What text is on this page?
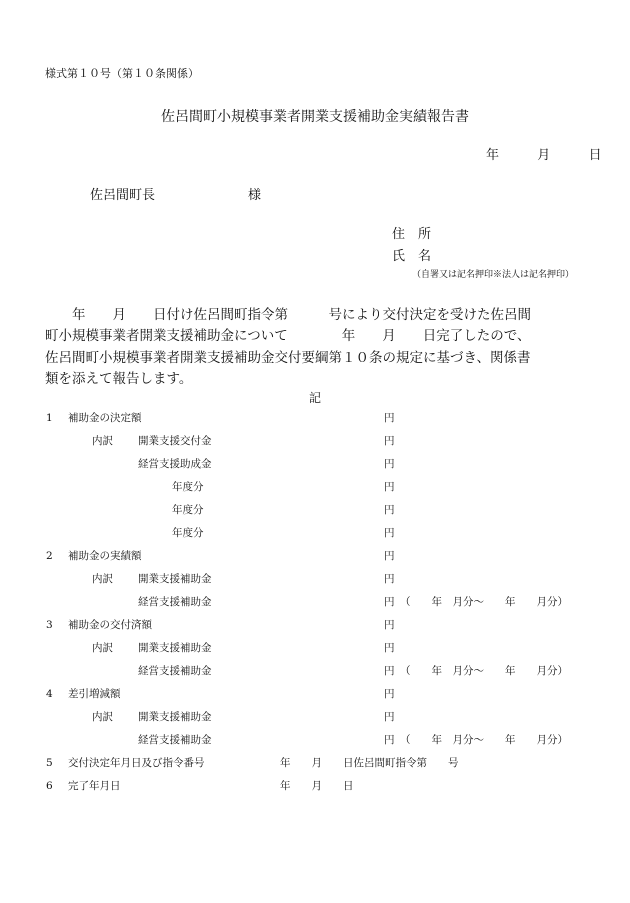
様式第１０号（第１０条関係）
佐呂間町小規模事業者開業支援補助金実績報告書
年	月	日
佐呂間町長	様
住　所
氏　名
（自署又は記名押印※法人は記名押印）
　　年　　月　　日付け佐呂間町指令第　　　号により交付決定を受けた佐呂間
町小規模事業者開業支援補助金について　　　　年　　月　　日完了したので、
佐呂間町小規模事業者開業支援補助金交付要綱第１０条の規定に基づき、関係書
類を添えて報告します。
記
1 補助金の決定額	円
内訳 開業支援交付金	円
経営支援助成金	円
年度分	円
年度分	円
年度分	円
2 補助金の実績額	円
内訳 開業支援補助金	円
経営支援補助金	円 （　　年　月分～　　年　　月分）
3 補助金の交付済額	円
内訳 開業支援補助金	円
経営支援補助金	円 （　　年　月分～　　年　　月分）
4 差引増減額	円
内訳 開業支援補助金	円
経営支援補助金	円 （　　年　月分～　　年　　月分）
5 交付決定年月日及び指令番号	年　　月　　日佐呂間町指令第　　号
6 完了年月日	年　　月　　日
